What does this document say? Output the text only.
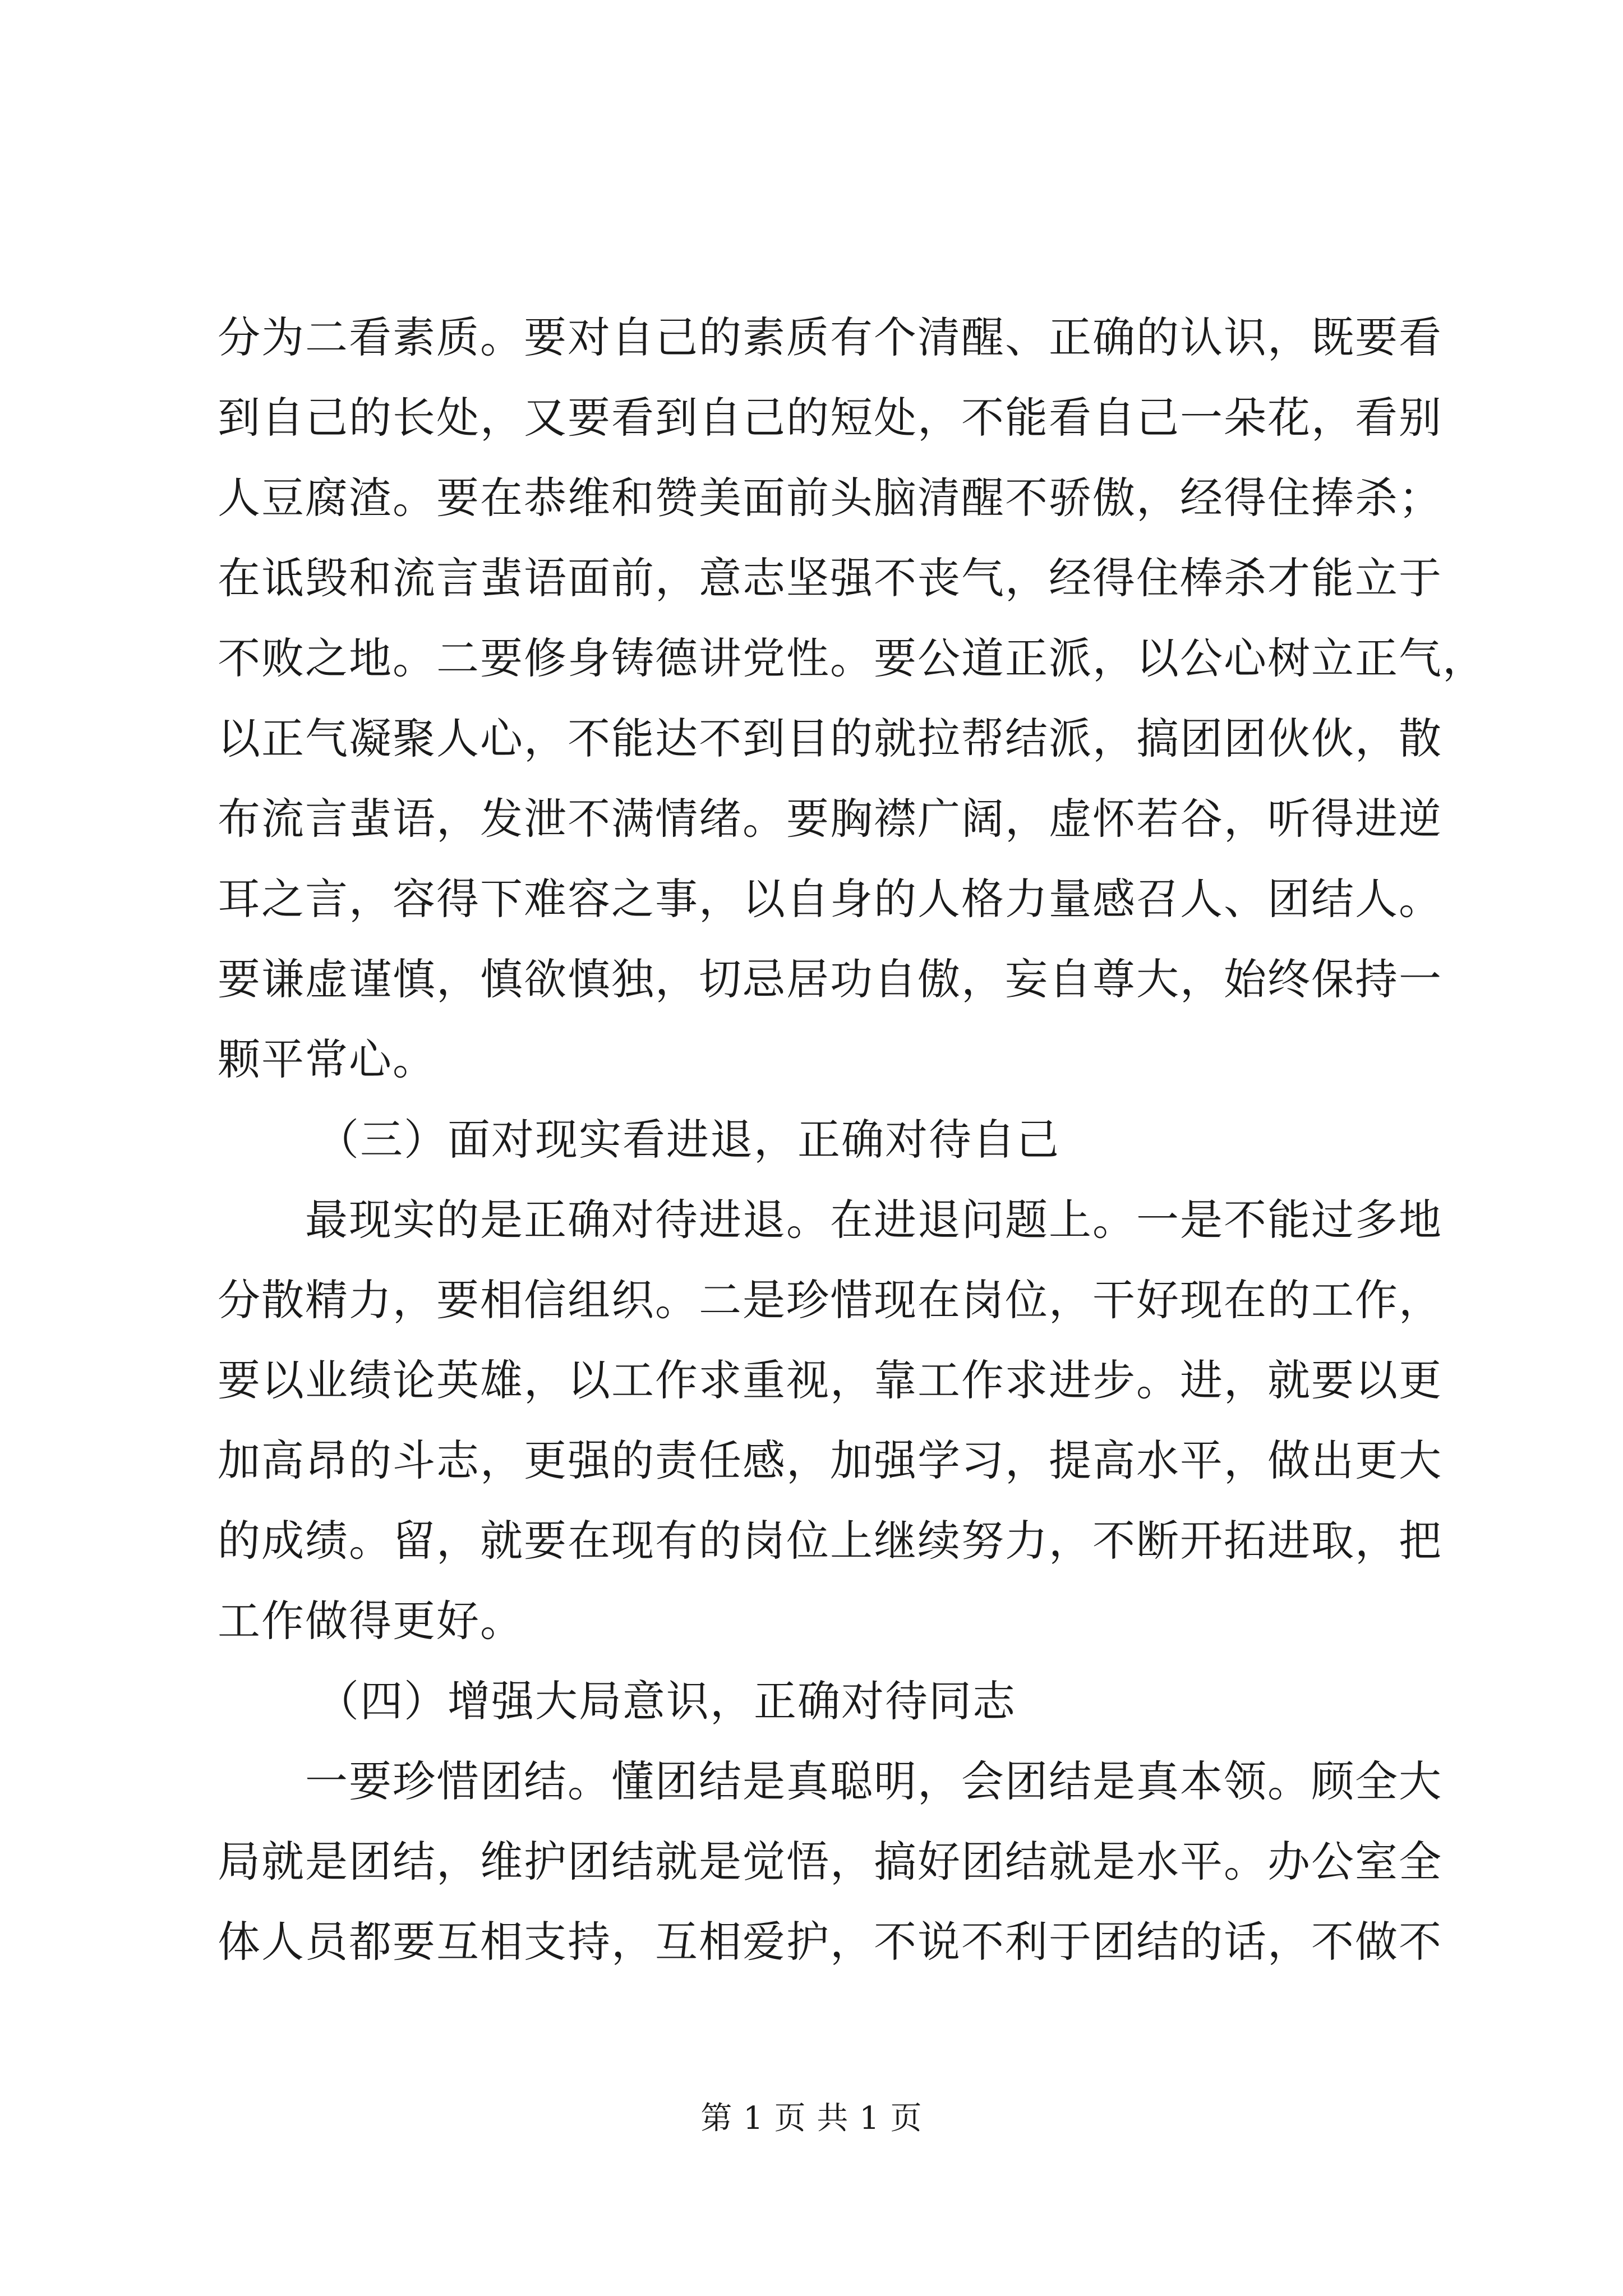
分为二看素质。要对自己的素质有个清醒、正确的认识，既要看
到自己的长处，又要看到自己的短处，不能看自己一朵花，看别
人豆腐渣。要在恭维和赞美面前头脑清醒不骄傲，经得住捧杀；
在诋毁和流言蜚语面前，意志坚强不丧气，经得住棒杀才能立于
不败之地。二要修身铸德讲党性。要公道正派，以公心树立正气，
以正气凝聚人心，不能达不到目的就拉帮结派，搞团团伙伙，散
布流言蜚语，发泄不满情绪。要胸襟广阔，虚怀若谷，听得进逆
耳之言，容得下难容之事，以自身的人格力量感召人、团结人。
要谦虚谨慎，慎欲慎独，切忌居功自傲，妄自尊大，始终保持一
颗平常心。
（三）面对现实看进退，正确对待自己
最现实的是正确对待进退。在进退问题上。一是不能过多地
分散精力，要相信组织。二是珍惜现在岗位，干好现在的工作，
要以业绩论英雄，以工作求重视，靠工作求进步。进，就要以更
加高昂的斗志，更强的责任感，加强学习，提高水平，做出更大
的成绩。留，就要在现有的岗位上继续努力，不断开拓进取，把
工作做得更好。
（四）增强大局意识，正确对待同志
一要珍惜团结。懂团结是真聪明，会团结是真本领。顾全大
局就是团结，维护团结就是觉悟，搞好团结就是水平。办公室全
体人员都要互相支持，互相爱护，不说不利于团结的话，不做不
第 1 页 共 1 页
